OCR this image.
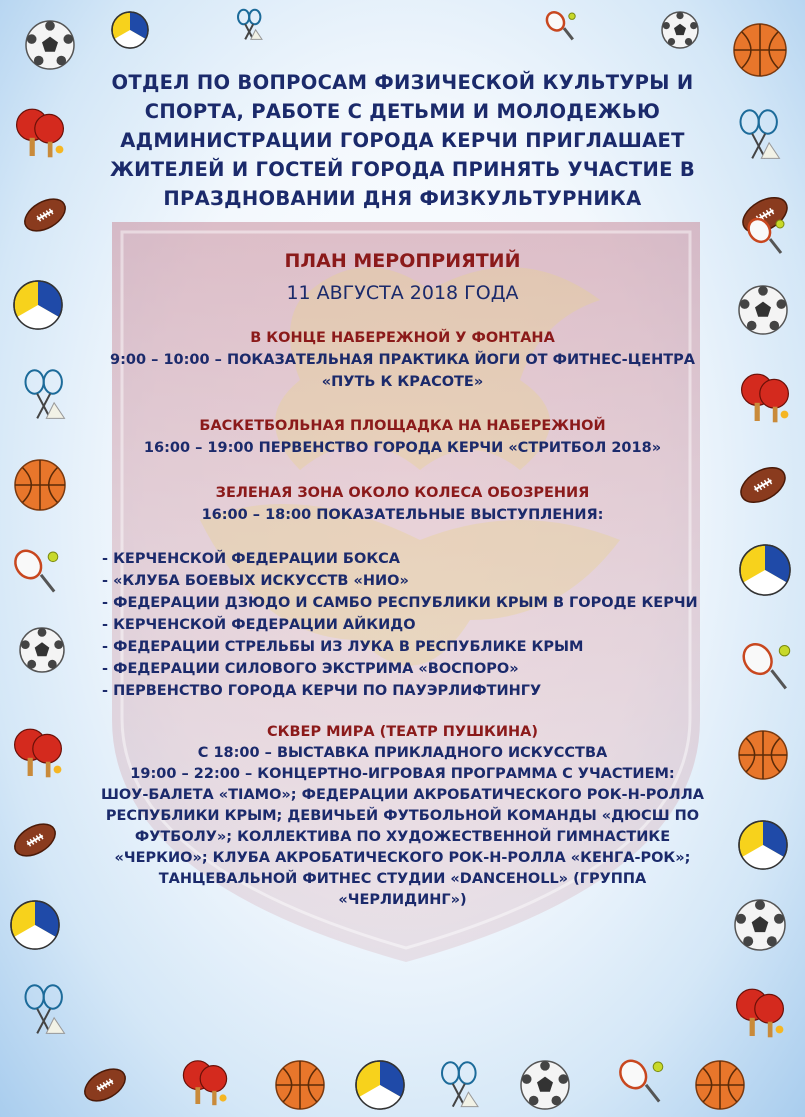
ОТДЕЛ ПО ВОПРОСАМ ФИЗИЧЕСКОЙ КУЛЬТУРЫ И
СПОРТА, РАБОТЕ С ДЕТЬМИ И МОЛОДЕЖЬЮ
АДМИНИСТРАЦИИ ГОРОДА КЕРЧИ ПРИГЛАШАЕТ
ЖИТЕЛЕЙ И ГОСТЕЙ ГОРОДА ПРИНЯТЬ УЧАСТИЕ В
ПРАЗДНОВАНИИ ДНЯ ФИЗКУЛЬТУРНИКА
ПЛАН МЕРОПРИЯТИЙ
11 АВГУСТА 2018 ГОДА
В КОНЦЕ НАБЕРЕЖНОЙ У ФОНТАНА
9:00 – 10:00 – ПОКАЗАТЕЛЬНАЯ ПРАКТИКА ЙОГИ ОТ ФИТНЕС-ЦЕНТРА
«ПУТЬ К КРАСОТЕ»
БАСКЕТБОЛЬНАЯ ПЛОЩАДКА НА НАБЕРЕЖНОЙ
16:00 – 19:00 ПЕРВЕНСТВО ГОРОДА КЕРЧИ «СТРИТБОЛ 2018»
ЗЕЛЕНАЯ ЗОНА ОКОЛО КОЛЕСА ОБОЗРЕНИЯ
16:00 – 18:00 ПОКАЗАТЕЛЬНЫЕ ВЫСТУПЛЕНИЯ:
- КЕРЧЕНСКОЙ ФЕДЕРАЦИИ БОКСА
- «КЛУБА БОЕВЫХ ИСКУССТВ «НИО»
- ФЕДЕРАЦИИ ДЗЮДО И САМБО РЕСПУБЛИКИ КРЫМ В ГОРОДЕ КЕРЧИ
- КЕРЧЕНСКОЙ ФЕДЕРАЦИИ АЙКИДО
- ФЕДЕРАЦИИ СТРЕЛЬБЫ ИЗ ЛУКА В РЕСПУБЛИКЕ КРЫМ
- ФЕДЕРАЦИИ СИЛОВОГО ЭКСТРИМА «ВОСПОРО»
- ПЕРВЕНСТВО ГОРОДА КЕРЧИ ПО ПАУЭРЛИФТИНГУ

СКВЕР МИРА (ТЕАТР ПУШКИНА)

С 18:00 – ВЫСТАВКА ПРИКЛАДНОГО ИСКУССТВА

19:00 – 22:00 – КОНЦЕРТНО-ИГРОВАЯ ПРОГРАММА С УЧАСТИЕМ:

ШОУ-БАЛЕТА «TIAMO»; ФЕДЕРАЦИИ АКРОБАТИЧЕСКОГО РОК-Н-РОЛЛА

РЕСПУБЛИКИ КРЫМ; ДЕВИЧЬЕЙ ФУТБОЛЬНОЙ КОМАНДЫ «ДЮСШ ПО

ФУТБОЛУ»; КОЛЛЕКТИВА ПО ХУДОЖЕСТВЕННОЙ ГИМНАСТИКЕ

«ЧЕРКИО»; КЛУБА АКРОБАТИЧЕСКОГО РОК-Н-РОЛЛА «КЕНГА-РОК»;

ТАНЦЕВАЛЬНОЙ ФИТНЕС СТУДИИ «DANCEHOLL» (ГРУППА

«ЧЕРЛИДИНГ»)
